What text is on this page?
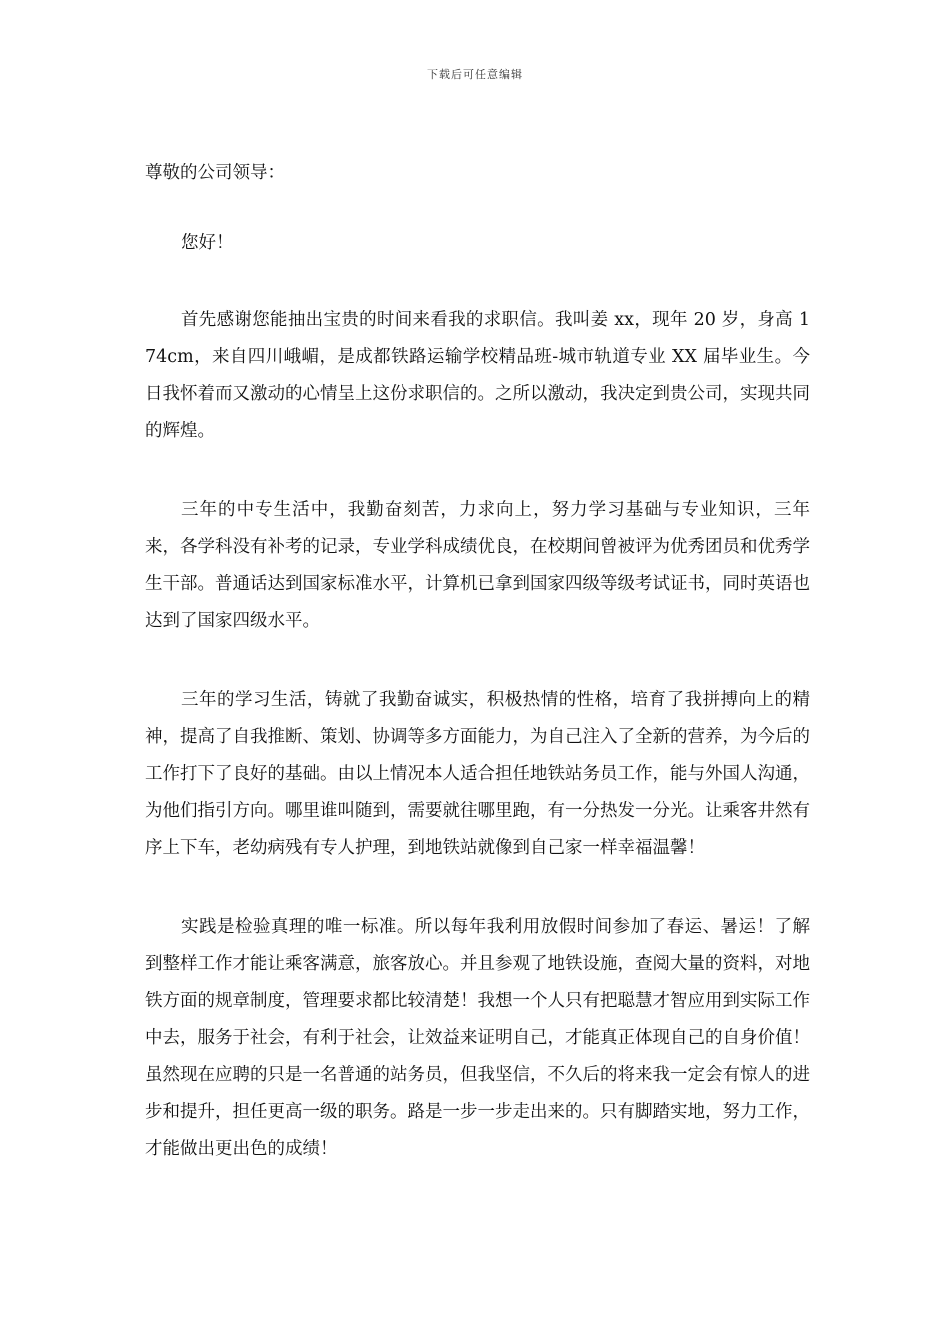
下载后可任意编辑

尊敬的公司领导：

您好！

首先感谢您能抽出宝贵的时间来看我的求职信。我叫姜 xx，现年 20 岁，身高 174cm，来自四川峨嵋，是成都铁路运输学校精品班-城市轨道专业 XX 届毕业生。今日我怀着而又激动的心情呈上这份求职信的。之所以激动，我决定到贵公司，实现共同的辉煌。

三年的中专生活中，我勤奋刻苦，力求向上，努力学习基础与专业知识，三年来，各学科没有补考的记录，专业学科成绩优良，在校期间曾被评为优秀团员和优秀学生干部。普通话达到国家标准水平，计算机已拿到国家四级等级考试证书，同时英语也达到了国家四级水平。

三年的学习生活，铸就了我勤奋诚实，积极热情的性格，培育了我拼搏向上的精神，提高了自我推断、策划、协调等多方面能力，为自己注入了全新的营养，为今后的工作打下了良好的基础。由以上情况本人适合担任地铁站务员工作，能与外国人沟通，为他们指引方向。哪里谁叫随到，需要就往哪里跑，有一分热发一分光。让乘客井然有序上下车，老幼病残有专人护理，到地铁站就像到自己家一样幸福温馨！

实践是检验真理的唯一标准。所以每年我利用放假时间参加了春运、暑运！了解到整样工作才能让乘客满意，旅客放心。并且参观了地铁设施，查阅大量的资料，对地铁方面的规章制度，管理要求都比较清楚！我想一个人只有把聪慧才智应用到实际工作中去，服务于社会，有利于社会，让效益来证明自己，才能真正体现自己的自身价值！虽然现在应聘的只是一名普通的站务员，但我坚信，不久后的将来我一定会有惊人的进步和提升，担任更高一级的职务。路是一步一步走出来的。只有脚踏实地，努力工作，才能做出更出色的成绩！
